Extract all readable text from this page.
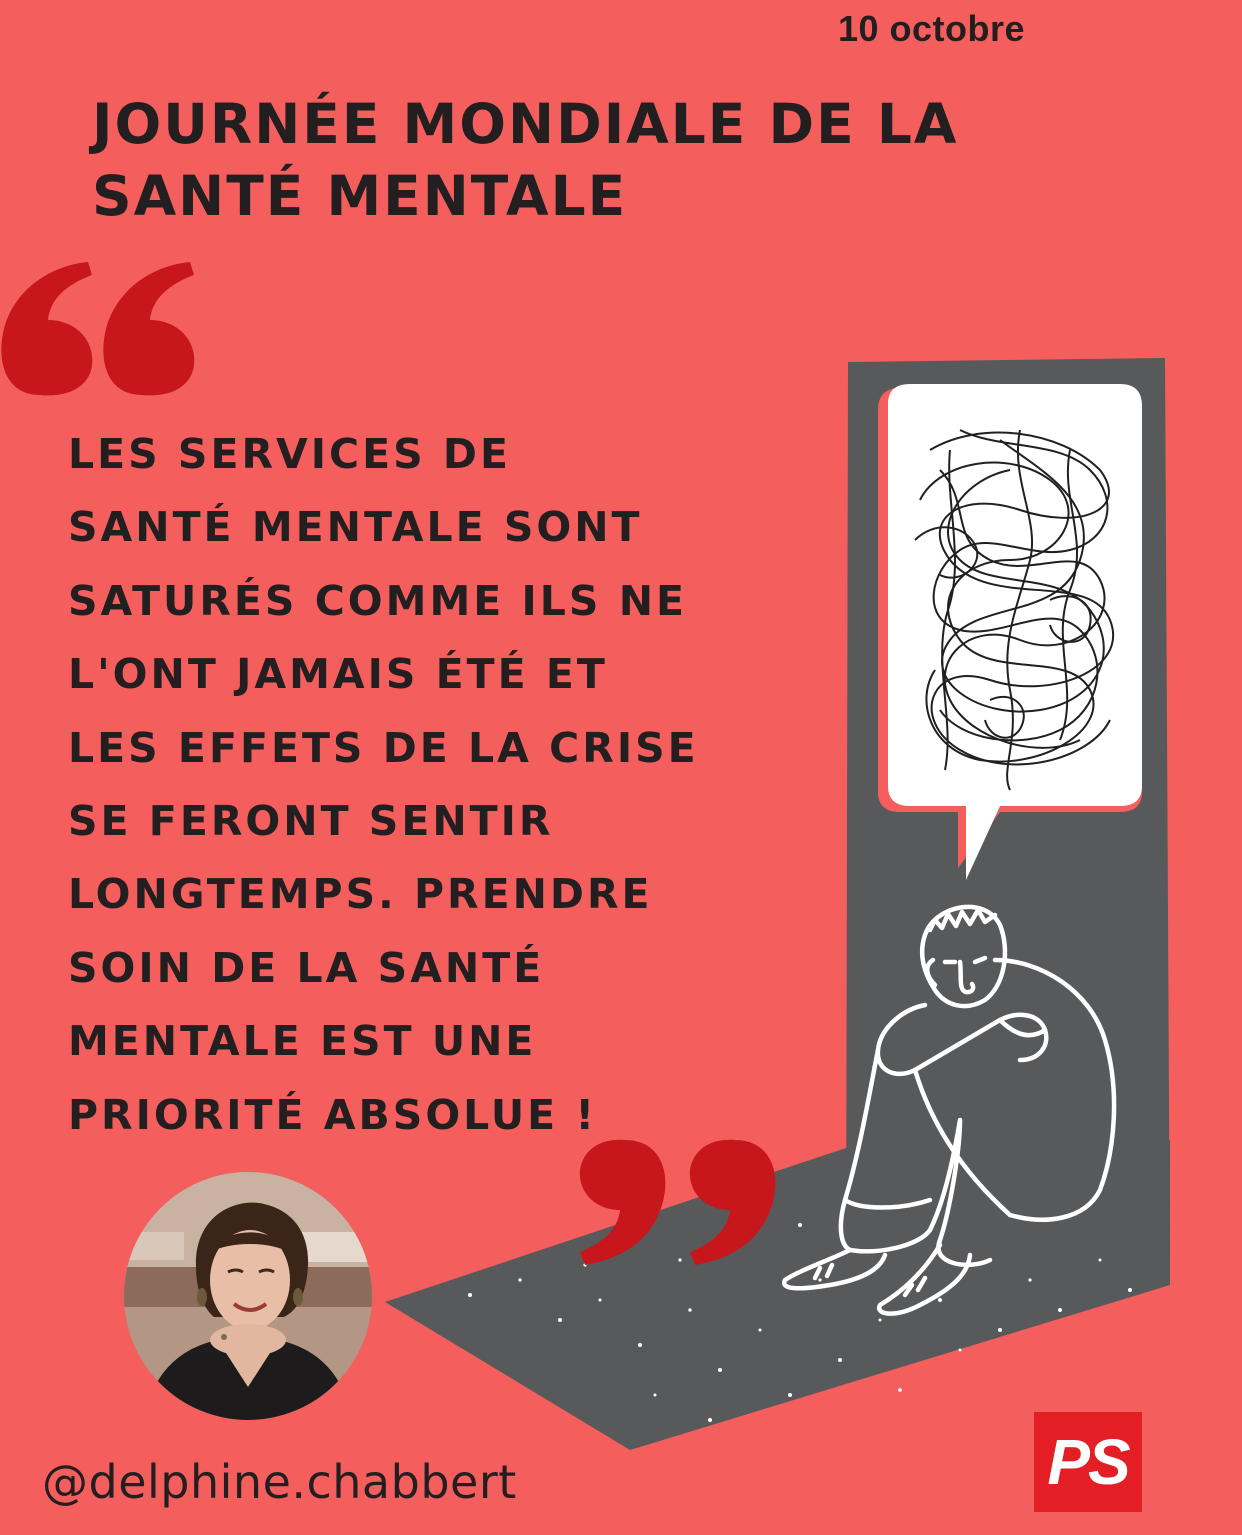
10 octobre
JOURNÉE MONDIALE DE LA
SANTÉ MENTALE
LES SERVICES DE
SANTÉ MENTALE SONT
SATURÉS COMME ILS NE
L'ONT JAMAIS ÉTÉ ET
LES EFFETS DE LA CRISE
SE FERONT SENTIR
LONGTEMPS. PRENDRE
SOIN DE LA SANTÉ
MENTALE EST UNE
PRIORITÉ ABSOLUE !
@delphine.chabbert	PS
